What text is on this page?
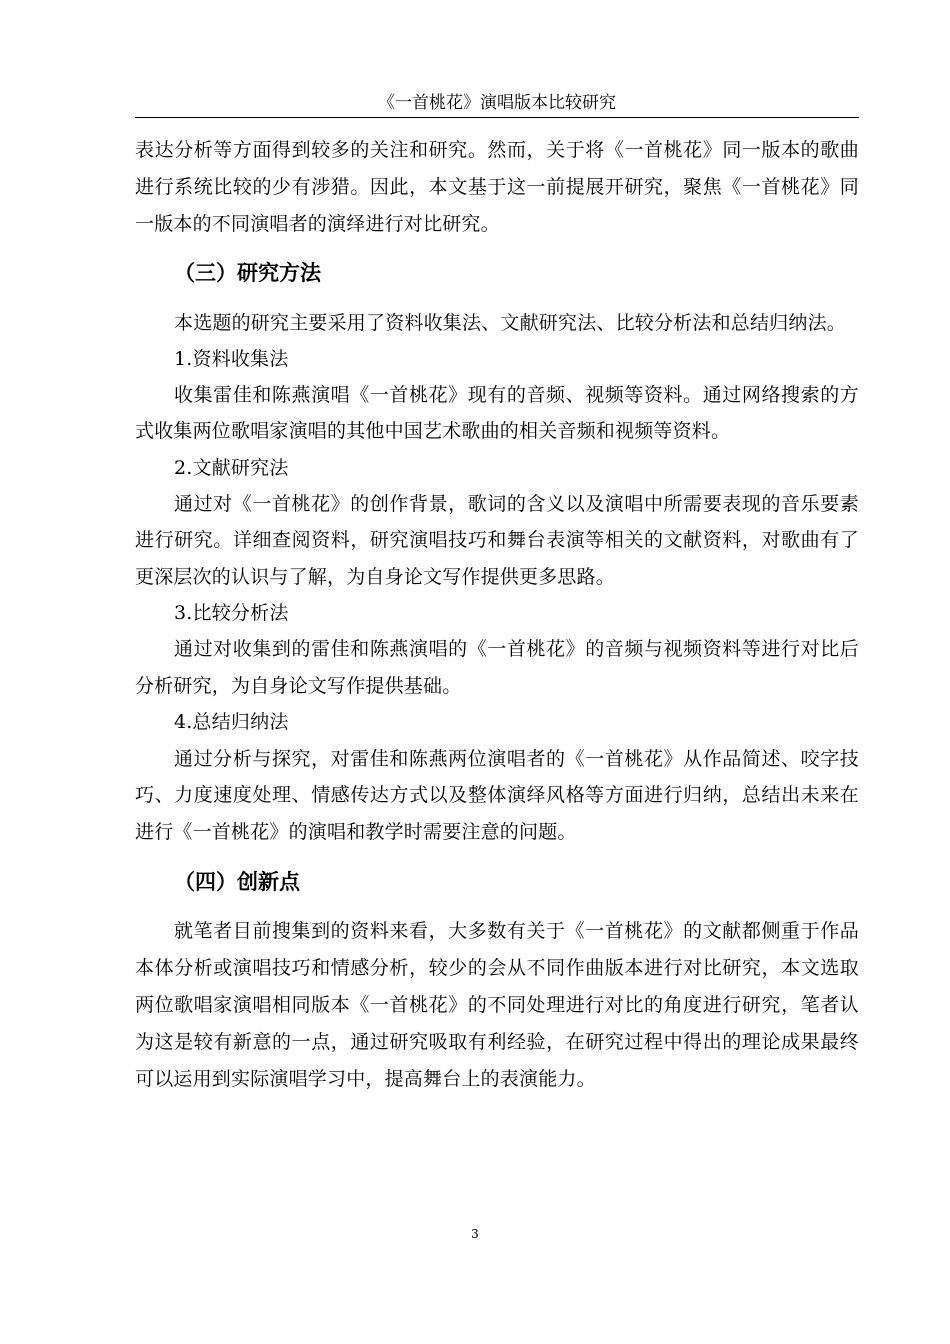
《一首桃花》演唱版本比较研究
表达分析等方面得到较多的关注和研究。然而，关于将《一首桃花》同一版本的歌曲
进行系统比较的少有涉猎。因此，本文基于这一前提展开研究，聚焦《一首桃花》同
一版本的不同演唱者的演绎进行对比研究。
（三）研究方法
本选题的研究主要采用了资料收集法、文献研究法、比较分析法和总结归纳法。
1.资料收集法
收集雷佳和陈燕演唱《一首桃花》现有的音频、视频等资料。通过网络搜索的方
式收集两位歌唱家演唱的其他中国艺术歌曲的相关音频和视频等资料。
2.文献研究法
通过对《一首桃花》的创作背景，歌词的含义以及演唱中所需要表现的音乐要素
进行研究。详细查阅资料，研究演唱技巧和舞台表演等相关的文献资料，对歌曲有了
更深层次的认识与了解，为自身论文写作提供更多思路。
3.比较分析法
通过对收集到的雷佳和陈燕演唱的《一首桃花》的音频与视频资料等进行对比后
分析研究，为自身论文写作提供基础。
4.总结归纳法
通过分析与探究，对雷佳和陈燕两位演唱者的《一首桃花》从作品简述、咬字技
巧、力度速度处理、情感传达方式以及整体演绎风格等方面进行归纳，总结出未来在
进行《一首桃花》的演唱和教学时需要注意的问题。
（四）创新点
就笔者目前搜集到的资料来看，大多数有关于《一首桃花》的文献都侧重于作品
本体分析或演唱技巧和情感分析，较少的会从不同作曲版本进行对比研究，本文选取
两位歌唱家演唱相同版本《一首桃花》的不同处理进行对比的角度进行研究，笔者认
为这是较有新意的一点，通过研究吸取有利经验，在研究过程中得出的理论成果最终
可以运用到实际演唱学习中，提高舞台上的表演能力。
3
